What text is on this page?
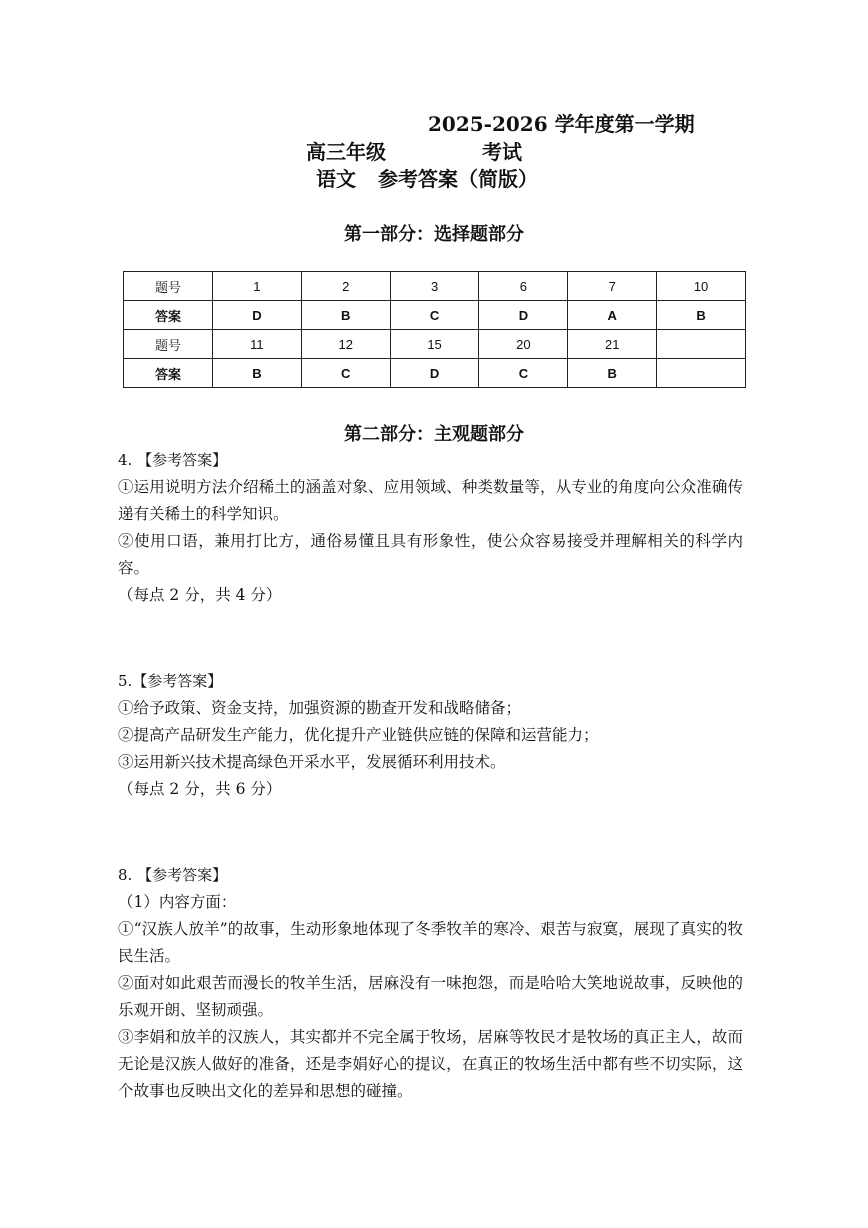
2025-2026 学年度第一学期
高三年级	考试
语文 参考答案（简版）
第一部分：选择题部分
题号	1	2	3	6	7	10
答案	D	B	C	D	A	B
题号	11	12	15	20	21	
答案	B	C	D	C	B	
第二部分：主观题部分

4. 【参考答案】

①运用说明方法介绍稀土的涵盖对象、应用领域、种类数量等，从专业的角度向公众准确传递有关稀土的科学知识。

②使用口语，兼用打比方，通俗易懂且具有形象性，使公众容易接受并理解相关的科学内容。

（每点 2 分，共 4 分）

5.【参考答案】

①给予政策、资金支持，加强资源的勘查开发和战略储备；

②提高产品研发生产能力，优化提升产业链供应链的保障和运营能力；

③运用新兴技术提高绿色开采水平，发展循环利用技术。

（每点 2 分，共 6 分）

8. 【参考答案】

（1）内容方面：

①“汉族人放羊”的故事，生动形象地体现了冬季牧羊的寒冷、艰苦与寂寞，展现了真实的牧民生活。

②面对如此艰苦而漫长的牧羊生活，居麻没有一味抱怨，而是哈哈大笑地说故事，反映他的乐观开朗、坚韧顽强。

③李娟和放羊的汉族人，其实都并不完全属于牧场，居麻等牧民才是牧场的真正主人，故而无论是汉族人做好的准备，还是李娟好心的提议，在真正的牧场生活中都有些不切实际，这个故事也反映出文化的差异和思想的碰撞。
